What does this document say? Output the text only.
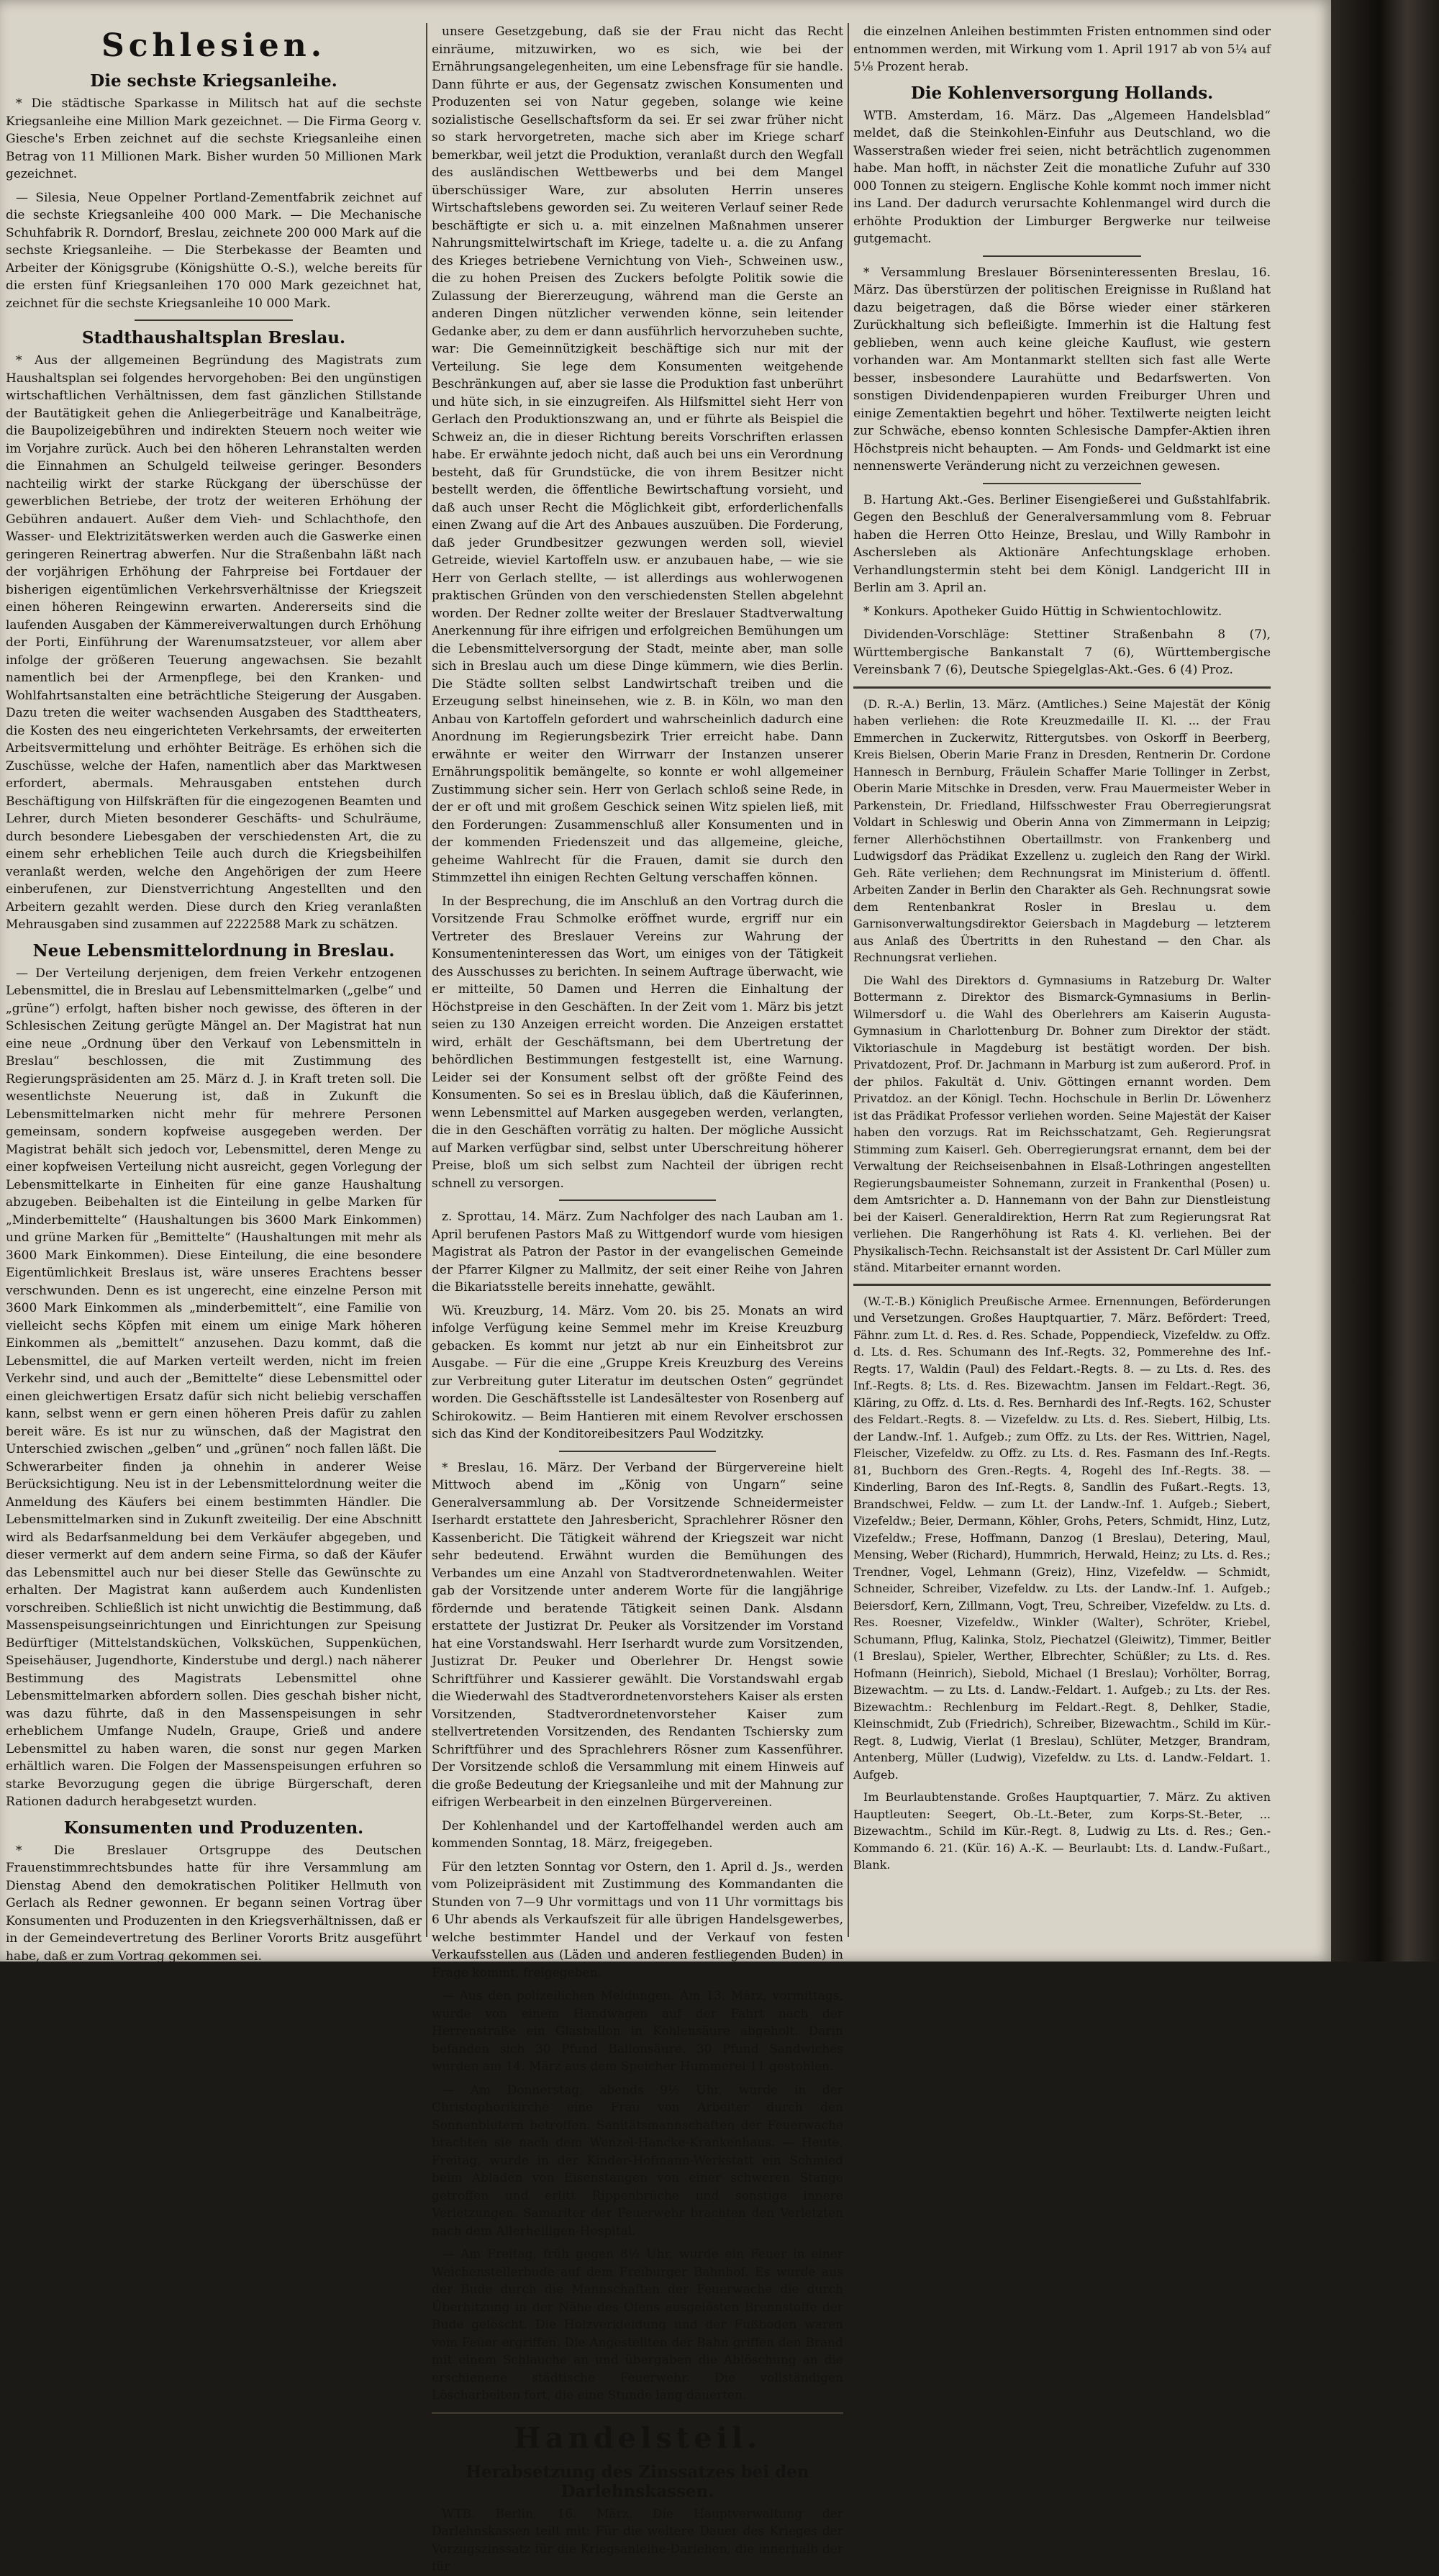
Schlesien.
Die sechste Kriegsanleihe.

* Die städtische Sparkasse in Militsch hat auf die sechste Kriegsanleihe eine Million Mark gezeichnet. — Die Firma Georg v. Giesche's Erben zeichnet auf die sechste Kriegsanleihe einen Betrag von 11 Millionen Mark. Bisher wurden 50 Millionen Mark gezeichnet.

— Silesia, Neue Oppelner Portland-Zementfabrik zeichnet auf die sechste Kriegsanleihe 400 000 Mark. — Die Mechanische Schuhfabrik R. Dorndorf, Breslau, zeichnete 200 000 Mark auf die sechste Kriegsanleihe. — Die Sterbekasse der Beamten und Arbeiter der Königsgrube (Königshütte O.-S.), welche bereits für die ersten fünf Kriegsanleihen 170 000 Mark gezeichnet hat, zeichnet für die sechste Kriegsanleihe 10 000 Mark.

Stadthaushaltsplan Breslau.

* Aus der allgemeinen Begründung des Magistrats zum Haushaltsplan sei folgendes hervorgehoben: Bei den ungünstigen wirtschaftlichen Verhältnissen, dem fast gänzlichen Stillstande der Bautätigkeit gehen die Anliegerbeiträge und Kanalbeiträge, die Baupolizeigebühren und indirekten Steuern noch weiter wie im Vorjahre zurück. Auch bei den höheren Lehranstalten werden die Einnahmen an Schulgeld teilweise geringer. Besonders nachteilig wirkt der starke Rückgang der überschüsse der gewerblichen Betriebe, der trotz der weiteren Erhöhung der Gebühren andauert. Außer dem Vieh- und Schlachthofe, den Wasser- und Elektrizitätswerken werden auch die Gaswerke einen geringeren Reinertrag abwerfen. Nur die Straßenbahn läßt nach der vorjährigen Erhöhung der Fahrpreise bei Fortdauer der bisherigen eigentümlichen Verkehrsverhältnisse der Kriegszeit einen höheren Reingewinn erwarten. Andererseits sind die laufenden Ausgaben der Kämmereiverwaltungen durch Erhöhung der Porti, Einführung der Warenumsatzsteuer, vor allem aber infolge der größeren Teuerung angewachsen. Sie bezahlt namentlich bei der Armenpflege, bei den Kranken- und Wohlfahrtsanstalten eine beträchtliche Steigerung der Ausgaben. Dazu treten die weiter wachsenden Ausgaben des Stadttheaters, die Kosten des neu eingerichteten Verkehrsamts, der erweiterten Arbeitsvermittelung und erhöhter Beiträge. Es erhöhen sich die Zuschüsse, welche der Hafen, namentlich aber das Marktwesen erfordert, abermals. Mehrausgaben entstehen durch Beschäftigung von Hilfskräften für die eingezogenen Beamten und Lehrer, durch Mieten besonderer Geschäfts- und Schulräume, durch besondere Liebesgaben der verschiedensten Art, die zu einem sehr erheblichen Teile auch durch die Kriegsbeihilfen veranlaßt werden, welche den Angehörigen der zum Heere einberufenen, zur Dienstverrichtung Angestellten und den Arbeitern gezahlt werden. Diese durch den Krieg veranlaßten Mehrausgaben sind zusammen auf 2222588 Mark zu schätzen.

Neue Lebensmittelordnung in Breslau.

— Der Verteilung derjenigen, dem freien Verkehr entzogenen Lebensmittel, die in Breslau auf Lebensmittelmarken („gelbe“ und „grüne“) erfolgt, haften bisher noch gewisse, des öfteren in der Schlesischen Zeitung gerügte Mängel an. Der Magistrat hat nun eine neue „Ordnung über den Verkauf von Lebensmitteln in Breslau“ beschlossen, die mit Zustimmung des Regierungspräsidenten am 25. März d. J. in Kraft treten soll. Die wesentlichste Neuerung ist, daß in Zukunft die Lebensmittelmarken nicht mehr für mehrere Personen gemeinsam, sondern kopfweise ausgegeben werden. Der Magistrat behält sich jedoch vor, Lebensmittel, deren Menge zu einer kopfweisen Verteilung nicht ausreicht, gegen Vorlegung der Lebensmittelkarte in Einheiten für eine ganze Haushaltung abzugeben. Beibehalten ist die Einteilung in gelbe Marken für „Minderbemittelte“ (Haushaltungen bis 3600 Mark Einkommen) und grüne Marken für „Bemittelte“ (Haushaltungen mit mehr als 3600 Mark Einkommen). Diese Einteilung, die eine besondere Eigentümlichkeit Breslaus ist, wäre unseres Erachtens besser verschwunden. Denn es ist ungerecht, eine einzelne Person mit 3600 Mark Einkommen als „minderbemittelt“, eine Familie von vielleicht sechs Köpfen mit einem um einige Mark höheren Einkommen als „bemittelt“ anzusehen. Dazu kommt, daß die Lebensmittel, die auf Marken verteilt werden, nicht im freien Verkehr sind, und auch der „Bemittelte“ diese Lebensmittel oder einen gleichwertigen Ersatz dafür sich nicht beliebig verschaffen kann, selbst wenn er gern einen höheren Preis dafür zu zahlen bereit wäre. Es ist nur zu wünschen, daß der Magistrat den Unterschied zwischen „gelben“ und „grünen“ noch fallen läßt. Die Schwerarbeiter finden ja ohnehin in anderer Weise Berücksichtigung. Neu ist in der Lebensmittelordnung weiter die Anmeldung des Käufers bei einem bestimmten Händler. Die Lebensmittelmarken sind in Zukunft zweiteilig. Der eine Abschnitt wird als Bedarfsanmeldung bei dem Verkäufer abgegeben, und dieser vermerkt auf dem andern seine Firma, so daß der Käufer das Lebensmittel auch nur bei dieser Stelle das Gewünschte zu erhalten. Der Magistrat kann außerdem auch Kundenlisten vorschreiben. Schließlich ist nicht unwichtig die Bestimmung, daß Massenspeisungseinrichtungen und Einrichtungen zur Speisung Bedürftiger (Mittelstandsküchen, Volksküchen, Suppenküchen, Speisehäuser, Jugendhorte, Kinderstube und dergl.) nach näherer Bestimmung des Magistrats Lebensmittel ohne Lebensmittelmarken abfordern sollen. Dies geschah bisher nicht, was dazu führte, daß in den Massenspeisungen in sehr erheblichem Umfange Nudeln, Graupe, Grieß und andere Lebensmittel zu haben waren, die sonst nur gegen Marken erhältlich waren. Die Folgen der Massenspeisungen erfuhren so starke Bevorzugung gegen die übrige Bürgerschaft, deren Rationen dadurch herabgesetzt wurden.

Konsumenten und Produzenten.

* Die Breslauer Ortsgruppe des Deutschen Frauenstimmrechtsbundes hatte für ihre Versammlung am Dienstag Abend den demokratischen Politiker Hellmuth von Gerlach als Redner gewonnen. Er begann seinen Vortrag über Konsumenten und Produzenten in den Kriegsverhältnissen, daß er in der Gemeindevertretung des Berliner Vororts Britz ausgeführt habe, daß er zum Vortrag gekommen sei.

unsere Gesetzgebung, daß sie der Frau nicht das Recht einräume, mitzuwirken, wo es sich, wie bei der Ernährungsangelegenheiten, um eine Lebensfrage für sie handle. Dann führte er aus, der Gegensatz zwischen Konsumenten und Produzenten sei von Natur gegeben, solange wie keine sozialistische Gesellschaftsform da sei. Er sei zwar früher nicht so stark hervorgetreten, mache sich aber im Kriege scharf bemerkbar, weil jetzt die Produktion, veranlaßt durch den Wegfall des ausländischen Wettbewerbs und bei dem Mangel überschüssiger Ware, zur absoluten Herrin unseres Wirtschaftslebens geworden sei. Zu weiteren Verlauf seiner Rede beschäftigte er sich u. a. mit einzelnen Maßnahmen unserer Nahrungsmittelwirtschaft im Kriege, tadelte u. a. die zu Anfang des Krieges betriebene Vernichtung von Vieh-, Schweinen usw., die zu hohen Preisen des Zuckers befolgte Politik sowie die Zulassung der Biererzeugung, während man die Gerste an anderen Dingen nützlicher verwenden könne, sein leitender Gedanke aber, zu dem er dann ausführlich hervorzuheben suchte, war: Die Gemeinnützigkeit beschäftige sich nur mit der Verteilung. Sie lege dem Konsumenten weitgehende Beschränkungen auf, aber sie lasse die Produktion fast unberührt und hüte sich, in sie einzugreifen. Als Hilfsmittel sieht Herr von Gerlach den Produktionszwang an, und er führte als Beispiel die Schweiz an, die in dieser Richtung bereits Vorschriften erlassen habe. Er erwähnte jedoch nicht, daß auch bei uns ein Verordnung besteht, daß für Grundstücke, die von ihrem Besitzer nicht bestellt werden, die öffentliche Bewirtschaftung vorsieht, und daß auch unser Recht die Möglichkeit gibt, erforderlichenfalls einen Zwang auf die Art des Anbaues auszuüben. Die Forderung, daß jeder Grundbesitzer gezwungen werden soll, wieviel Getreide, wieviel Kartoffeln usw. er anzubauen habe, — wie sie Herr von Gerlach stellte, — ist allerdings aus wohlerwogenen praktischen Gründen von den verschiedensten Stellen abgelehnt worden. Der Redner zollte weiter der Breslauer Stadtverwaltung Anerkennung für ihre eifrigen und erfolgreichen Bemühungen um die Lebensmittelversorgung der Stadt, meinte aber, man solle sich in Breslau auch um diese Dinge kümmern, wie dies Berlin. Die Städte sollten selbst Landwirtschaft treiben und die Erzeugung selbst hineinsehen, wie z. B. in Köln, wo man den Anbau von Kartoffeln gefordert und wahrscheinlich dadurch eine Anordnung im Regierungsbezirk Trier erreicht habe. Dann erwähnte er weiter den Wirrwarr der Instanzen unserer Ernährungspolitik bemängelte, so konnte er wohl allgemeiner Zustimmung sicher sein. Herr von Gerlach schloß seine Rede, in der er oft und mit großem Geschick seinen Witz spielen ließ, mit den Forderungen: Zusammenschluß aller Konsumenten und in der kommenden Friedenszeit und das allgemeine, gleiche, geheime Wahlrecht für die Frauen, damit sie durch den Stimmzettel ihn einigen Rechten Geltung verschaffen können.

In der Besprechung, die im Anschluß an den Vortrag durch die Vorsitzende Frau Schmolke eröffnet wurde, ergriff nur ein Vertreter des Breslauer Vereins zur Wahrung der Konsumenteninteressen das Wort, um einiges von der Tätigkeit des Ausschusses zu berichten. In seinem Auftrage überwacht, wie er mitteilte, 50 Damen und Herren die Einhaltung der Höchstpreise in den Geschäften. In der Zeit vom 1. März bis jetzt seien zu 130 Anzeigen erreicht worden. Die Anzeigen erstattet wird, erhält der Geschäftsmann, bei dem Ubertretung der behördlichen Bestimmungen festgestellt ist, eine Warnung. Leider sei der Konsument selbst oft der größte Feind des Konsumenten. So sei es in Breslau üblich, daß die Käuferinnen, wenn Lebensmittel auf Marken ausgegeben werden, verlangten, die in den Geschäften vorrätig zu halten. Der mögliche Aussicht auf Marken verfügbar sind, selbst unter Uberschreitung höherer Preise, bloß um sich selbst zum Nachteil der übrigen recht schnell zu versorgen.

z. Sprottau, 14. März. Zum Nachfolger des nach Lauban am 1. April berufenen Pastors Maß zu Wittgendorf wurde vom hiesigen Magistrat als Patron der Pastor in der evangelischen Gemeinde der Pfarrer Kilgner zu Mallmitz, der seit einer Reihe von Jahren die Bikariatsstelle bereits innehatte, gewählt.

Wü. Kreuzburg, 14. März. Vom 20. bis 25. Monats an wird infolge Verfügung keine Semmel mehr im Kreise Kreuzburg gebacken. Es kommt nur jetzt ab nur ein Einheitsbrot zur Ausgabe. — Für die eine „Gruppe Kreis Kreuzburg des Vereins zur Verbreitung guter Literatur im deutschen Osten“ gegründet worden. Die Geschäftsstelle ist Landesältester von Rosenberg auf Schirokowitz. — Beim Hantieren mit einem Revolver erschossen sich das Kind der Konditoreibesitzers Paul Wodzitzky.

* Breslau, 16. März. Der Verband der Bürgervereine hielt Mittwoch abend im „König von Ungarn“ seine Generalversammlung ab. Der Vorsitzende Schneidermeister Iserhardt erstattete den Jahresbericht, Sprachlehrer Rösner den Kassenbericht. Die Tätigkeit während der Kriegszeit war nicht sehr bedeutend. Erwähnt wurden die Bemühungen des Verbandes um eine Anzahl von Stadtverordnetenwahlen. Weiter gab der Vorsitzende unter anderem Worte für die langjährige fördernde und beratende Tätigkeit seinen Dank. Alsdann erstattete der Justizrat Dr. Peuker als Vorsitzender im Vorstand hat eine Vorstandswahl. Herr Iserhardt wurde zum Vorsitzenden, Justizrat Dr. Peuker und Oberlehrer Dr. Hengst sowie Schriftführer und Kassierer gewählt. Die Vorstandswahl ergab die Wiederwahl des Stadtverordnetenvorstehers Kaiser als ersten Vorsitzenden, Stadtverordnetenvorsteher Kaiser zum stellvertretenden Vorsitzenden, des Rendanten Tschiersky zum Schriftführer und des Sprachlehrers Rösner zum Kassenführer. Der Vorsitzende schloß die Versammlung mit einem Hinweis auf die große Bedeutung der Kriegsanleihe und mit der Mahnung zur eifrigen Werbearbeit in den einzelnen Bürgervereinen.

Der Kohlenhandel und der Kartoffelhandel werden auch am kommenden Sonntag, 18. März, freigegeben.

Für den letzten Sonntag vor Ostern, den 1. April d. Js., werden vom Polizeipräsident mit Zustimmung des Kommandanten die Stunden von 7—9 Uhr vormittags und von 11 Uhr vormittags bis 6 Uhr abends als Verkaufszeit für alle übrigen Handelsgewerbes, welche bestimmter Handel und der Verkauf von festen Verkaufsstellen aus (Läden und anderen festliegenden Buden) in Frage kommt, freigegeben.

— Aus den polizeilichen Meldungen. Am 13. März, vormittags, wurde von einem Handwagen auf der Fahrt nach der Herrenstraße ein Glasballon in Kohlensäure abgeholt. Darin befanden sich 30 Pfund Ballonsäure. 30 Pfund Sandwiches wurden am 14. März aus dem Speicher Hummerei 11 gestohlen.

— Am Donnerstag, abends 9½ Uhr, wurde in der Christophorikirche eine Frau von Arbeiter durch den Sonnenblutern betroffen. Sanitätsmannschaften der Feuerwache brachten sie nach dem Wenzel-Hancke-Krankenhaus. — Heute, Freitag, wurde in der Kinder-Hofmann-Werkstatt ein Schmied beim Abladen von Eisenstangen von einer schweren Stange getroffen und erlitt Rippenbrüche und sonstige innere Verletzungen. Samariter der Feuerwehr brachten den Verletzten nach dem Allerheiligen-Hospital.

— Am Freitag, früh gegen 8½ Uhr, wurde ein Feuer in einer Weichenstellerbude auf dem Freiburger Bahnhof. Es wurde aus der Bude durch die Mannschaften der Feuerwache die durch Überhitzung in der Nähe des Ofens ausgelösten Brennstoffe der Bude gelöscht. Die Holzverkleidung und der Fußboden waren vom Feuer ergriffen. Die Angestellten der Bahn griffen den Brand mit einem Schlauche an und übergaben die Ablöschung an die erschienene städtische Feuerwehr. Die vollständigen Löscharbeiten fort, die eine Stunde lang dauerten.

Handelsteil.
Herabsetzung des Zinssatzes bei den Darlehnskassen.

WTB. Berlin, 16. März. Die Hauptverwaltung der Darlehnskassen teilt mit: Für die weitere Dauer des Krieges der Vorzugszinssatz für die Kriegsanleihe-Darlehen, die innerhalb der für

die einzelnen Anleihen bestimmten Fristen entnommen sind oder entnommen werden, mit Wirkung vom 1. April 1917 ab von 5¼ auf 5⅛ Prozent herab.

Die Kohlenversorgung Hollands.

WTB. Amsterdam, 16. März. Das „Algemeen Handelsblad“ meldet, daß die Steinkohlen-Einfuhr aus Deutschland, wo die Wasserstraßen wieder frei seien, nicht beträchtlich zugenommen habe. Man hofft, in nächster Zeit die monatliche Zufuhr auf 330 000 Tonnen zu steigern. Englische Kohle kommt noch immer nicht ins Land. Der dadurch verursachte Kohlenmangel wird durch die erhöhte Produktion der Limburger Bergwerke nur teilweise gutgemacht.

* Versammlung Breslauer Börseninteressenten Breslau, 16. März. Das überstürzen der politischen Ereignisse in Rußland hat dazu beigetragen, daß die Börse wieder einer stärkeren Zurückhaltung sich befleißigte. Immerhin ist die Haltung fest geblieben, wenn auch keine gleiche Kauflust, wie gestern vorhanden war. Am Montanmarkt stellten sich fast alle Werte besser, insbesondere Laurahütte und Bedarfswerten. Von sonstigen Dividendenpapieren wurden Freiburger Uhren und einige Zementaktien begehrt und höher. Textilwerte neigten leicht zur Schwäche, ebenso konnten Schlesische Dampfer-Aktien ihren Höchstpreis nicht behaupten. — Am Fonds- und Geldmarkt ist eine nennenswerte Veränderung nicht zu verzeichnen gewesen.

B. Hartung Akt.-Ges. Berliner Eisengießerei und Gußstahlfabrik. Gegen den Beschluß der Generalversammlung vom 8. Februar haben die Herren Otto Heinze, Breslau, und Willy Rambohr in Aschersleben als Aktionäre Anfechtungsklage erhoben. Verhandlungstermin steht bei dem Königl. Landgericht III in Berlin am 3. April an.

* Konkurs. Apotheker Guido Hüttig in Schwientochlowitz.

Dividenden-Vorschläge: Stettiner Straßenbahn 8 (7), Württembergische Bankanstalt 7 (6), Württembergische Vereinsbank 7 (6), Deutsche Spiegelglas-Akt.-Ges. 6 (4) Proz.

(D. R.-A.) Berlin, 13. März. (Amtliches.) Seine Majestät der König haben verliehen: die Rote Kreuzmedaille II. Kl. ... der Frau Emmerchen in Zuckerwitz, Rittergutsbes. von Oskorff in Beerberg, Kreis Bielsen, Oberin Marie Franz in Dresden, Rentnerin Dr. Cordone Hannesch in Bernburg, Fräulein Schaffer Marie Tollinger in Zerbst, Oberin Marie Mitschke in Dresden, verw. Frau Mauermeister Weber in Parkenstein, Dr. Friedland, Hilfsschwester Frau Oberregierungsrat Voldart in Schleswig und Oberin Anna von Zimmermann in Leipzig; ferner Allerhöchstihnen Obertaillmstr. von Frankenberg und Ludwigsdorf das Prädikat Exzellenz u. zugleich den Rang der Wirkl. Geh. Räte verliehen; dem Rechnungsrat im Ministerium d. öffentl. Arbeiten Zander in Berlin den Charakter als Geh. Rechnungsrat sowie dem Rentenbankrat Rosler in Breslau u. dem Garnisonverwaltungsdirektor Geiersbach in Magdeburg — letzterem aus Anlaß des Übertritts in den Ruhestand — den Char. als Rechnungsrat verliehen.

Die Wahl des Direktors d. Gymnasiums in Ratzeburg Dr. Walter Bottermann z. Direktor des Bismarck-Gymnasiums in Berlin-Wilmersdorf u. die Wahl des Oberlehrers am Kaiserin Augusta-Gymnasium in Charlottenburg Dr. Bohner zum Direktor der städt. Viktoriaschule in Magdeburg ist bestätigt worden. Der bish. Privatdozent, Prof. Dr. Jachmann in Marburg ist zum außerord. Prof. in der philos. Fakultät d. Univ. Göttingen ernannt worden. Dem Privatdoz. an der Königl. Techn. Hochschule in Berlin Dr. Löwenherz ist das Prädikat Professor verliehen worden. Seine Majestät der Kaiser haben den vorzugs. Rat im Reichsschatzamt, Geh. Regierungsrat Stimming zum Kaiserl. Geh. Oberregierungsrat ernannt, dem bei der Verwaltung der Reichseisenbahnen in Elsaß-Lothringen angestellten Regierungsbaumeister Sohnemann, zurzeit in Frankenthal (Posen) u. dem Amtsrichter a. D. Hannemann von der Bahn zur Dienstleistung bei der Kaiserl. Generaldirektion, Herrn Rat zum Regierungsrat Rat verliehen. Die Rangerhöhung ist Rats 4. Kl. verliehen. Bei der Physikalisch-Techn. Reichsanstalt ist der Assistent Dr. Carl Müller zum ständ. Mitarbeiter ernannt worden.

(W.-T.-B.) Königlich Preußische Armee. Ernennungen, Beförderungen und Versetzungen. Großes Hauptquartier, 7. März. Befördert: Treed, Fähnr. zum Lt. d. Res. d. Res. Schade, Poppendieck, Vizefeldw. zu Offz. d. Lts. d. Res. Schumann des Inf.-Regts. 32, Pommerehne des Inf.-Regts. 17, Waldin (Paul) des Feldart.-Regts. 8. — zu Lts. d. Res. des Inf.-Regts. 8; Lts. d. Res. Bizewachtm. Jansen im Feldart.-Regt. 36, Kläring, zu Offz. d. Lts. d. Res. Bernhardi des Inf.-Regts. 162, Schuster des Feldart.-Regts. 8. — Vizefeldw. zu Lts. d. Res. Siebert, Hilbig, Lts. der Landw.-Inf. 1. Aufgeb.; zum Offz. zu Lts. der Res. Wittrien, Nagel, Fleischer, Vizefeldw. zu Offz. zu Lts. d. Res. Fasmann des Inf.-Regts. 81, Buchborn des Gren.-Regts. 4, Rogehl des Inf.-Regts. 38. — Kinderling, Baron des Inf.-Regts. 8, Sandlin des Fußart.-Regts. 13, Brandschwei, Feldw. — zum Lt. der Landw.-Inf. 1. Aufgeb.; Siebert, Vizefeldw.; Beier, Dermann, Köhler, Grohs, Peters, Schmidt, Hinz, Lutz, Vizefeldw.; Frese, Hoffmann, Danzog (1 Breslau), Detering, Maul, Mensing, Weber (Richard), Hummrich, Herwald, Heinz; zu Lts. d. Res.; Trendner, Vogel, Lehmann (Greiz), Hinz, Vizefeldw. — Schmidt, Schneider, Schreiber, Vizefeldw. zu Lts. der Landw.-Inf. 1. Aufgeb.; Beiersdorf, Kern, Zillmann, Vogt, Treu, Schreiber, Vizefeldw. zu Lts. d. Res. Roesner, Vizefeldw., Winkler (Walter), Schröter, Kriebel, Schumann, Pflug, Kalinka, Stolz, Piechatzel (Gleiwitz), Timmer, Beitler (1 Breslau), Spieler, Werther, Elbrechter, Schüßler; zu Lts. d. Res. Hofmann (Heinrich), Siebold, Michael (1 Breslau); Vorhölter, Borrag, Bizewachtm. — zu Lts. d. Landw.-Feldart. 1. Aufgeb.; zu Lts. der Res. Bizewachtm.: Rechlenburg im Feldart.-Regt. 8, Dehlker, Stadie, Kleinschmidt, Zub (Friedrich), Schreiber, Bizewachtm., Schild im Kür.-Regt. 8, Ludwig, Vierlat (1 Breslau), Schlüter, Metzger, Brandram, Antenberg, Müller (Ludwig), Vizefeldw. zu Lts. d. Landw.-Feldart. 1. Aufgeb.

Im Beurlaubtenstande. Großes Hauptquartier, 7. März. Zu aktiven Hauptleuten: Seegert, Ob.-Lt.-Beter, zum Korps-St.-Beter, ... Bizewachtm., Schild im Kür.-Regt. 8, Ludwig zu Lts. d. Res.; Gen.-Kommando 6. 21. (Kür. 16) A.-K. — Beurlaubt: Lts. d. Landw.-Fußart., Blank.
